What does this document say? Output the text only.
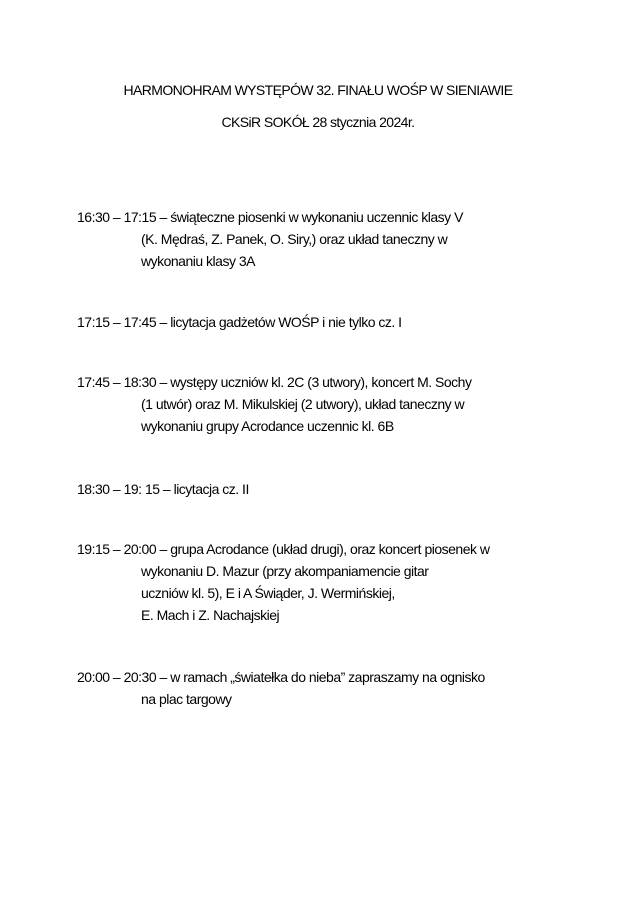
HARMONOHRAM WYSTĘPÓW 32. FINAŁU WOŚP W SIENIAWIE
CKSiR SOKÓŁ 28 stycznia 2024r.
16:30 – 17:15 – świąteczne piosenki w wykonaniu uczennic klasy V
(K. Mędraś, Z. Panek, O. Siry,) oraz układ taneczny w
wykonaniu klasy 3A
17:15 – 17:45 – licytacja gadżetów WOŚP i nie tylko cz. I
17:45 – 18:30 – występy uczniów kl. 2C (3 utwory), koncert M. Sochy
(1 utwór) oraz M. Mikulskiej (2 utwory), układ taneczny w
wykonaniu grupy Acrodance uczennic kl. 6B
18:30 – 19: 15 – licytacja cz. II
19:15 – 20:00 – grupa Acrodance (układ drugi), oraz koncert piosenek w
wykonaniu D. Mazur (przy akompaniamencie gitar
uczniów kl. 5), E i A Świąder, J. Wermińskiej,
E. Mach i Z. Nachajskiej
20:00 – 20:30 – w ramach „światełka do nieba” zapraszamy na ognisko
na plac targowy
